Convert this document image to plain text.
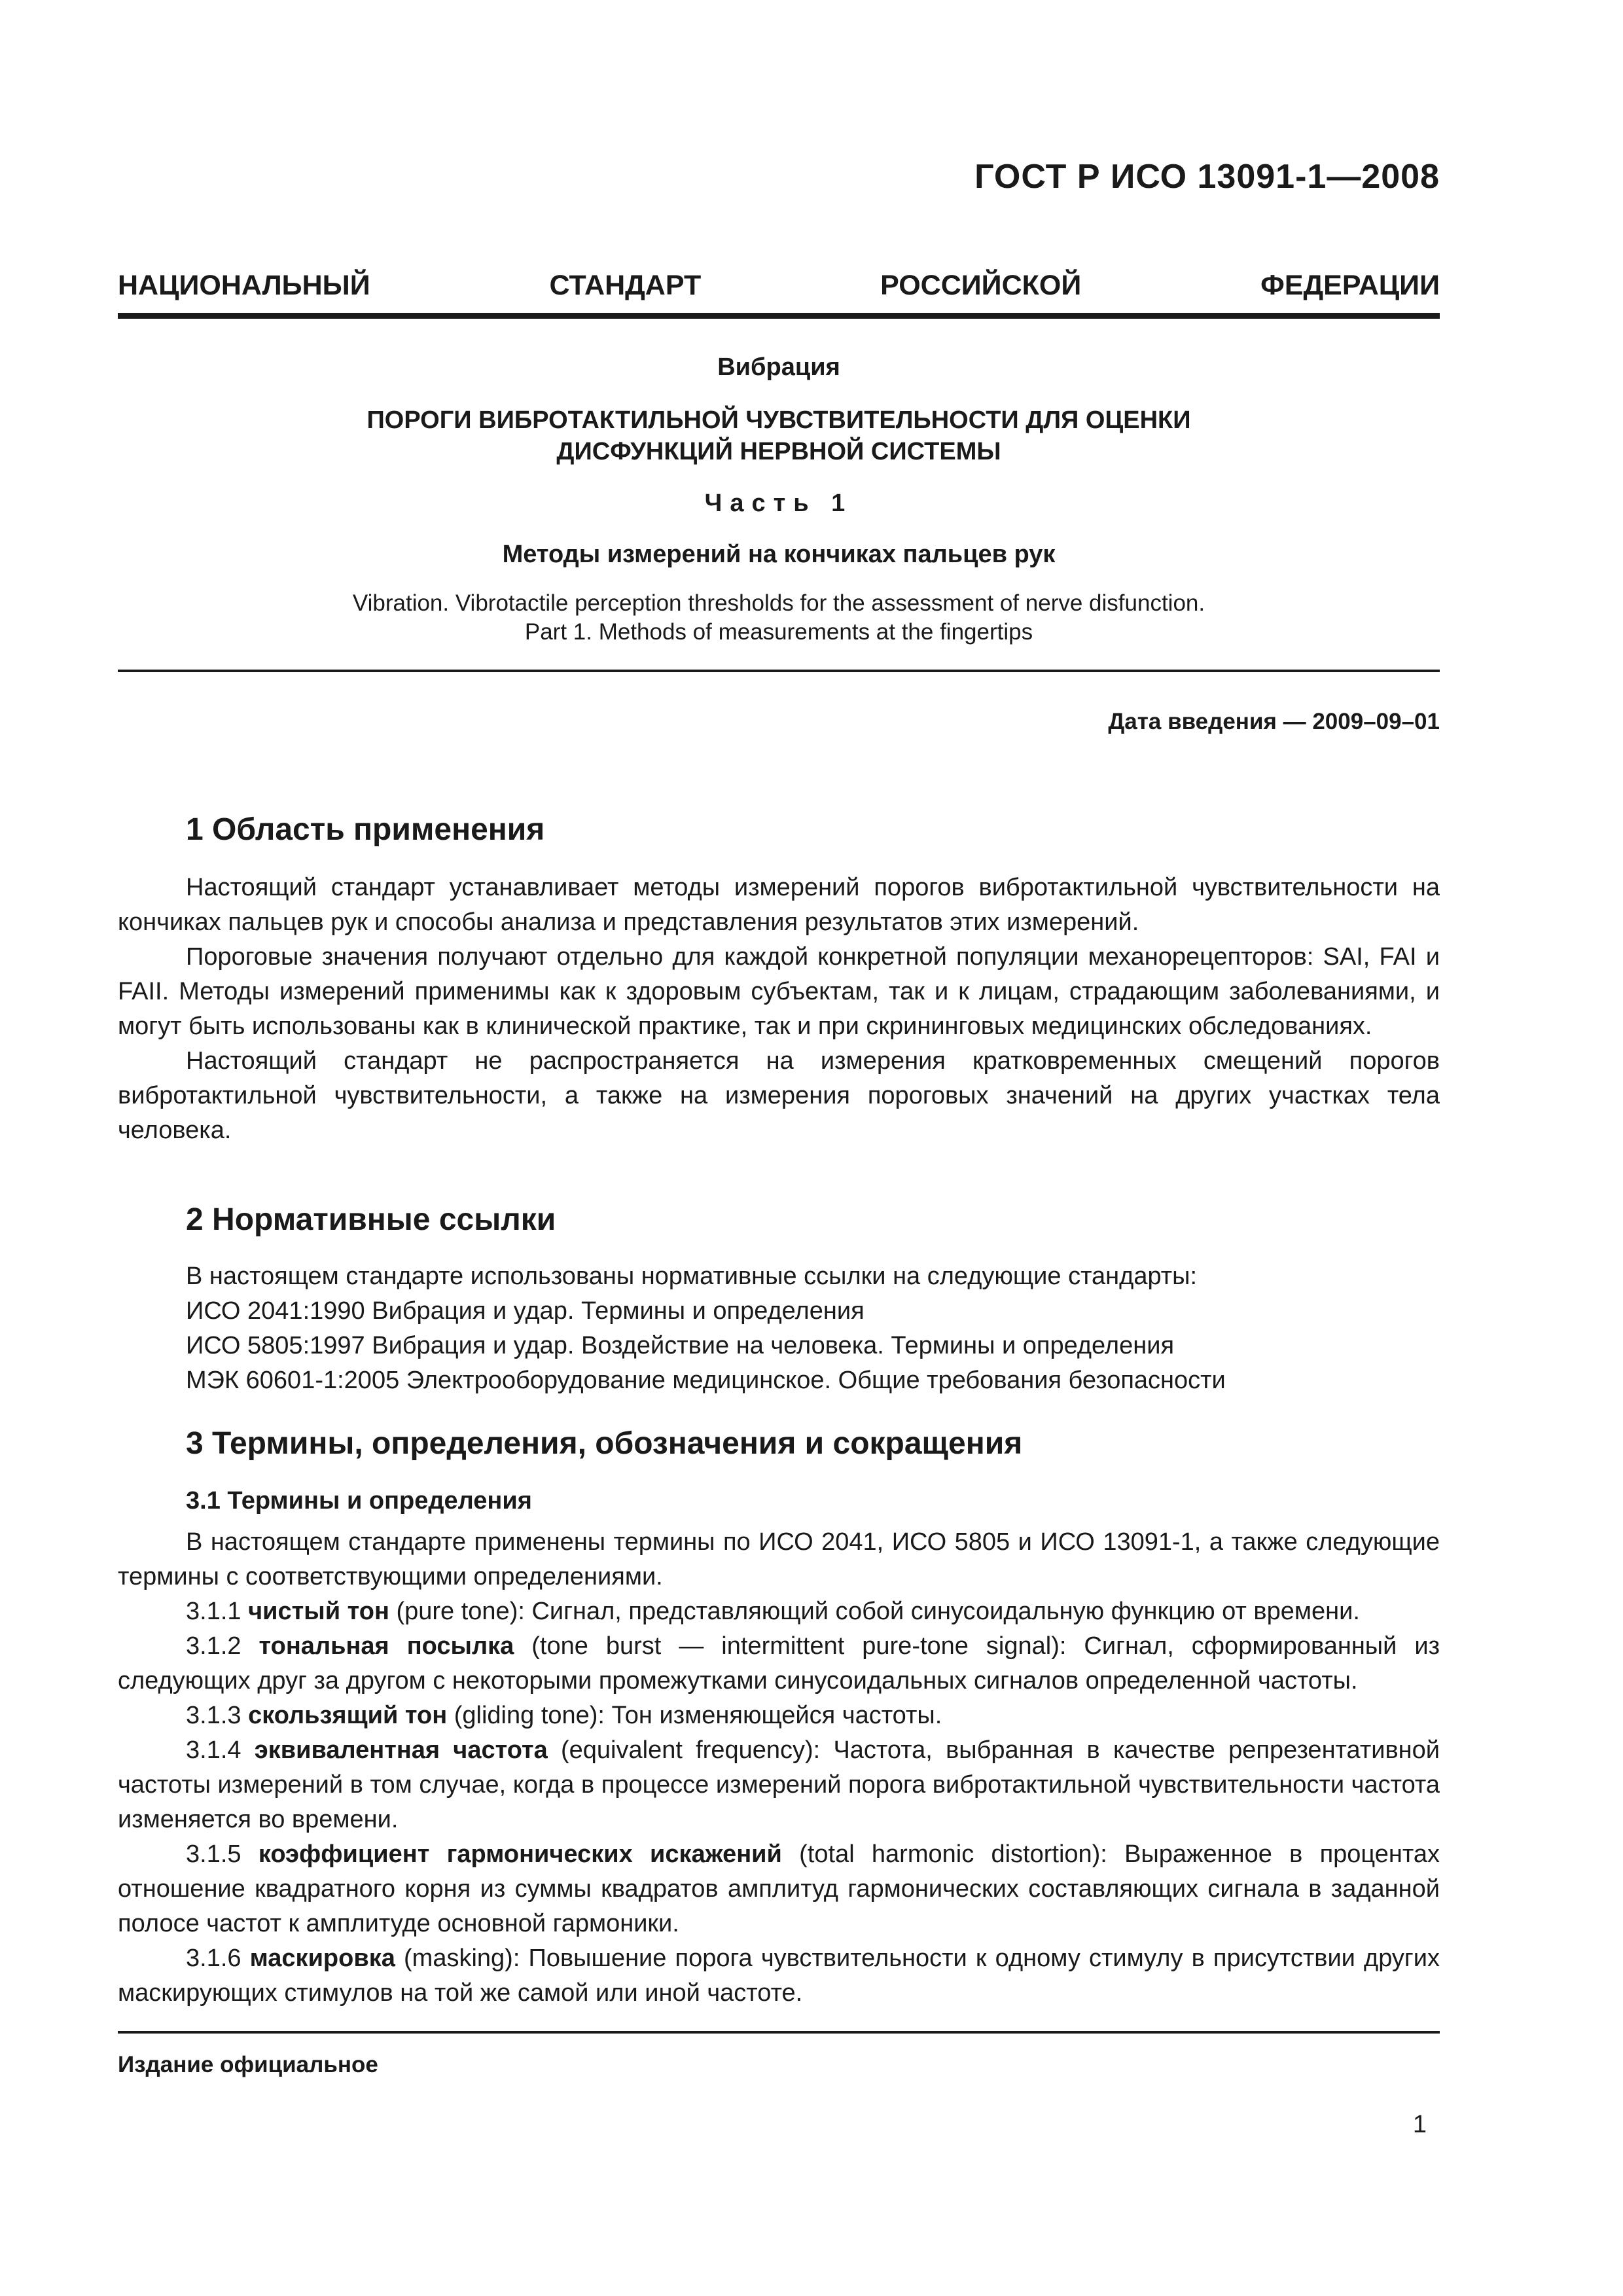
ГОСТ Р ИСО 13091-1—2008
НАЦИОНАЛЬНЫЙ	СТАНДАРТ	РОССИЙСКОЙ	ФЕДЕРАЦИИ
Вибрация
ПОРОГИ ВИБРОТАКТИЛЬНОЙ ЧУВСТВИТЕЛЬНОСТИ ДЛЯ ОЦЕНКИ
ДИСФУНКЦИЙ НЕРВНОЙ СИСТЕМЫ
Часть 1
Методы измерений на кончиках пальцев рук
Vibration. Vibrotactile perception thresholds for the assessment of nerve disfunction.
Part 1. Methods of measurements at the fingertips
Дата введения — 2009–09–01
1 Область применения

Настоящий стандарт устанавливает методы измерений порогов вибротактильной чувствительности на кончиках пальцев рук и способы анализа и представления результатов этих измерений.

Пороговые значения получают отдельно для каждой конкретной популяции механорецепторов: SAI, FAI и FAII. Методы измерений применимы как к здоровым субъектам, так и к лицам, страдающим заболеваниями, и могут быть использованы как в клинической практике, так и при скрининговых медицинских обследованиях.

Настоящий стандарт не распространяется на измерения кратковременных смещений порогов вибротактильной чувствительности, а также на измерения пороговых значений на других участках тела человека.

2 Нормативные ссылки
В настоящем стандарте использованы нормативные ссылки на следующие стандарты:
ИСО 2041:1990 Вибрация и удар. Термины и определения
ИСО 5805:1997 Вибрация и удар. Воздействие на человека. Термины и определения
МЭК 60601-1:2005 Электрооборудование медицинское. Общие требования безопасности
3 Термины, определения, обозначения и сокращения
3.1 Термины и определения

В настоящем стандарте применены термины по ИСО 2041, ИСО 5805 и ИСО 13091-1, а также следующие термины с соответствующими определениями.

3.1.1 чистый тон (pure tone): Сигнал, представляющий собой синусоидальную функцию от времени.

3.1.2 тональная посылка (tone burst — intermittent pure-tone signal): Сигнал, сформированный из следующих друг за другом с некоторыми промежутками синусоидальных сигналов определенной частоты.

3.1.3 скользящий тон (gliding tone): Тон изменяющейся частоты.

3.1.4 эквивалентная частота (equivalent frequency): Частота, выбранная в качестве репрезентативной частоты измерений в том случае, когда в процессе измерений порога вибротактильной чувствительности частота изменяется во времени.

3.1.5 коэффициент гармонических искажений (total harmonic distortion): Выраженное в процентах отношение квадратного корня из суммы квадратов амплитуд гармонических составляющих сигнала в заданной полосе частот к амплитуде основной гармоники.

3.1.6 маскировка (masking): Повышение порога чувствительности к одному стимулу в присутствии других маскирующих стимулов на той же самой или иной частоте.

Издание официальное
1
